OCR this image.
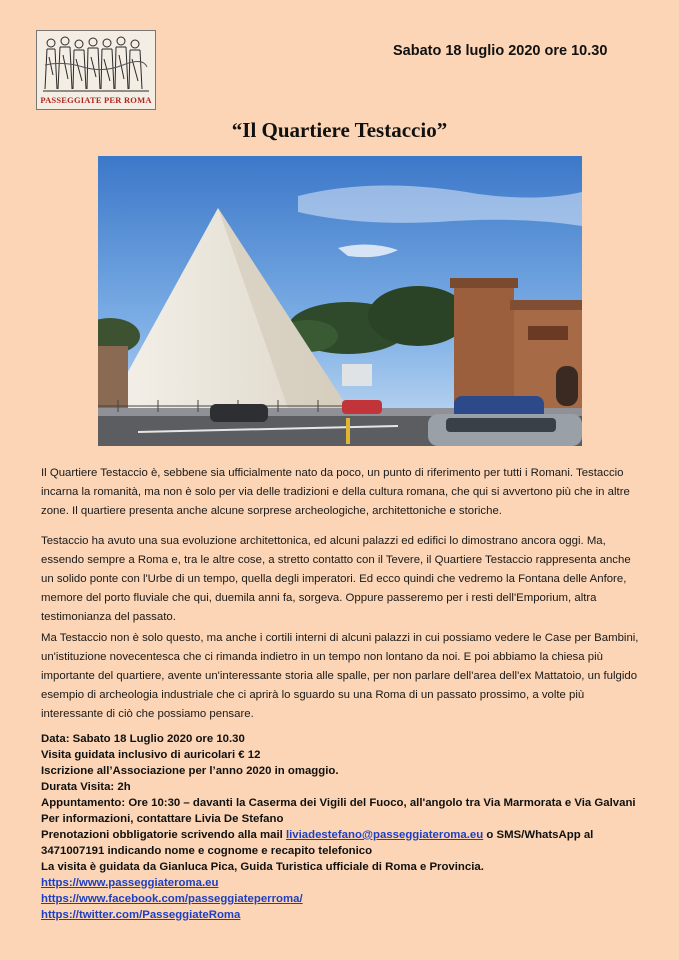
PASSEGGIATE PER ROMA
Sabato 18 luglio 2020 ore 10.30
“Il Quartiere Testaccio”

Il Quartiere Testaccio è, sebbene sia ufficialmente nato da poco, un punto di riferimento per tutti i Romani. Testaccio incarna la romanità, ma non è solo per via delle tradizioni e della cultura romana, che qui si avvertono più che in altre zone. Il quartiere presenta anche alcune sorprese archeologiche, architettoniche e storiche.

Testaccio ha avuto una sua evoluzione architettonica, ed alcuni palazzi ed edifici lo dimostrano ancora oggi. Ma, essendo sempre a Roma e, tra le altre cose, a stretto contatto con il Tevere, il Quartiere Testaccio rappresenta anche un solido ponte con l'Urbe di un tempo, quella degli imperatori. Ed ecco quindi che vedremo la Fontana delle Anfore, memore del porto fluviale che qui, duemila anni fa, sorgeva. Oppure passeremo per i resti dell'Emporium, altra testimonianza del passato.

Ma Testaccio non è solo questo, ma anche i cortili interni di alcuni palazzi in cui possiamo vedere le Case per Bambini, un'istituzione novecentesca che ci rimanda indietro in un tempo non lontano da noi. E poi abbiamo la chiesa più importante del quartiere, avente un'interessante storia alle spalle, per non parlare dell'area dell'ex Mattatoio, un fulgido esempio di archeologia industriale che ci aprirà lo sguardo su una Roma di un passato prossimo, a volte più interessante di ciò che possiamo pensare.

Data: Sabato 18 Luglio 2020 ore 10.30
Visita guidata inclusivo di auricolari € 12
Iscrizione all’Associazione per l’anno 2020 in omaggio.
Durata Visita: 2h
Appuntamento: Ore 10:30 – davanti la Caserma dei Vigili del Fuoco, all'angolo tra Via Marmorata e Via Galvani
Per informazioni, contattare Livia De Stefano
Prenotazioni obbligatorie scrivendo alla mail liviadestefano@passeggiateroma.eu o SMS/WhatsApp al
3471007191 indicando nome e cognome e recapito telefonico
La visita è guidata da Gianluca Pica, Guida Turistica ufficiale di Roma e Provincia.
https://www.passeggiateroma.eu
https://www.facebook.com/passeggiateperroma/
https://twitter.com/PasseggiateRoma
